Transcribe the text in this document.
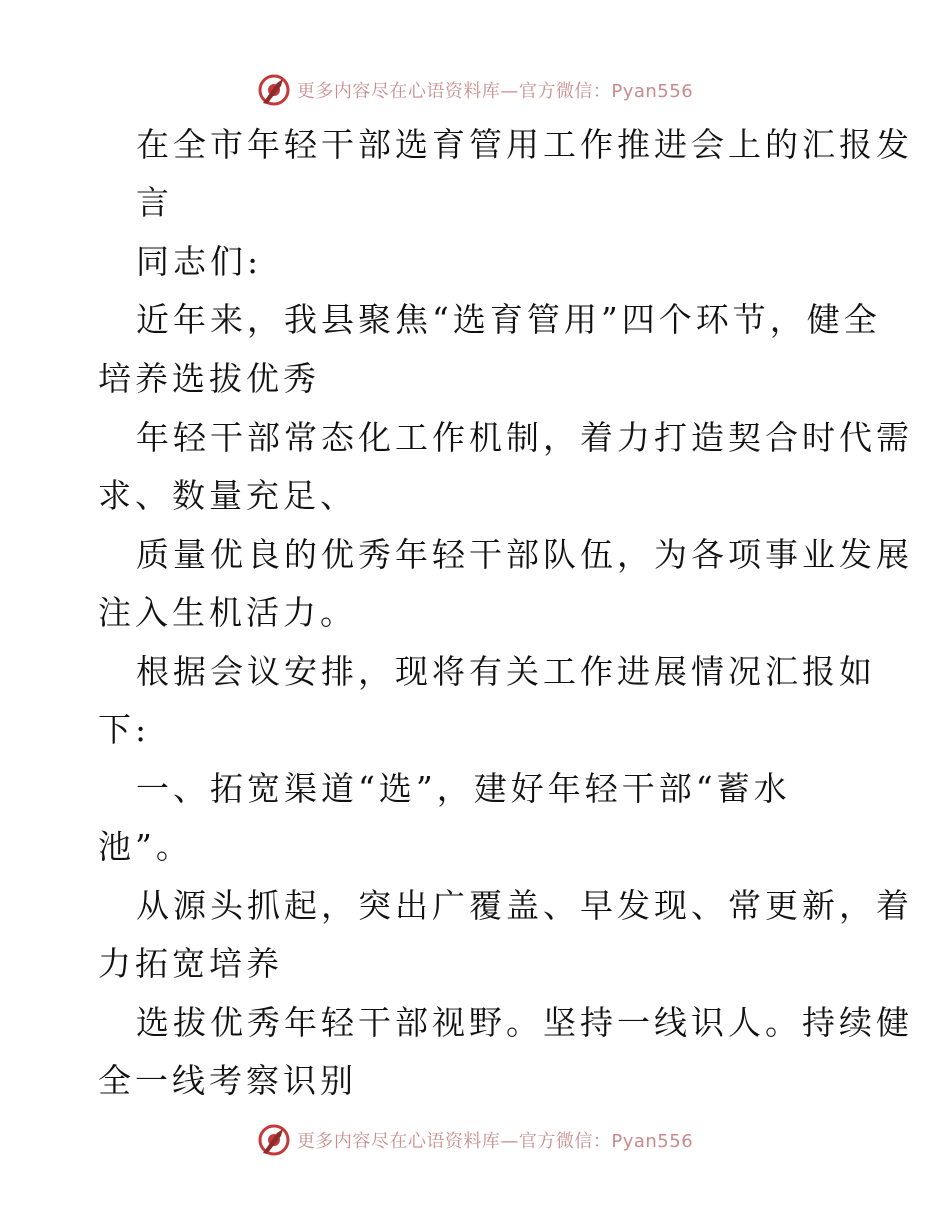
更多内容尽在心语资料库—官方微信：Pyan556
在全市年轻干部选育管用工作推进会上的汇报发
言
同志们:
近年来，我县聚焦“选育管用”四个环节，健全
培养选拔优秀
年轻干部常态化工作机制，着力打造契合时代需
求、数量充足、
质量优良的优秀年轻干部队伍，为各项事业发展
注入生机活力。
根据会议安排，现将有关工作进展情况汇报如
下:
一、拓宽渠道“选”，建好年轻干部“蓄水
池”。
从源头抓起，突出广覆盖、早发现、常更新，着
力拓宽培养
选拔优秀年轻干部视野。坚持一线识人。持续健
全一线考察识别
更多内容尽在心语资料库—官方微信：Pyan556
